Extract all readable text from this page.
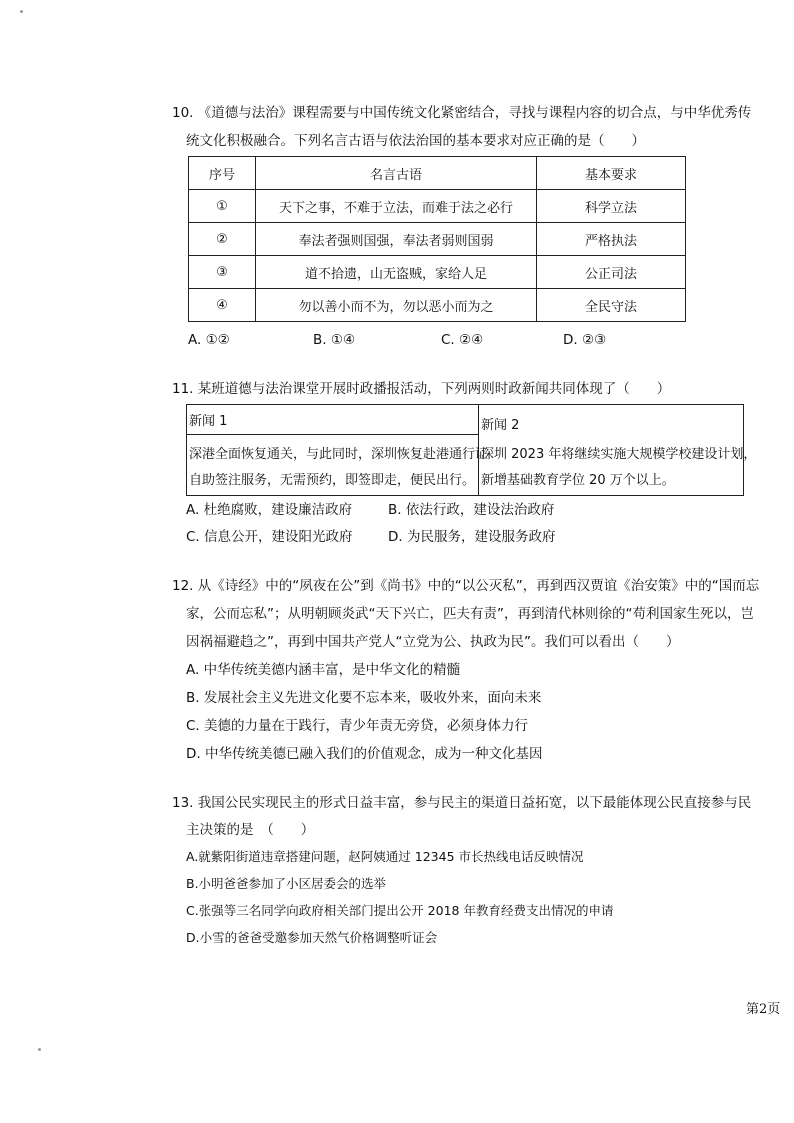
10. 《道德与法治》课程需要与中国传统文化紧密结合，寻找与课程内容的切合点，与中华优秀传
统文化积极融合。下列名言古语与依法治国的基本要求对应正确的是（　　）
序号	名言古语	基本要求
①	天下之事，不难于立法，而难于法之必行	科学立法
②	奉法者强则国强，奉法者弱则国弱	严格执法
③	道不拾遗，山无盗贼，家给人足	公正司法
④	勿以善小而不为，勿以恶小而为之	全民守法
A. ①②	B. ①④	C. ②④	D. ②③
11. 某班道德与法治课堂开展时政播报活动，下列两则时政新闻共同体现了（　　）
新闻 1
深港全面恢复通关，与此同时，深圳恢复赴港通行证
自助签注服务，无需预约，即签即走，便民出行。
新闻 2
深圳 2023 年将继续实施大规模学校建设计划，
新增基础教育学位 20 万个以上。
A. 杜绝腐败，建设廉洁政府	B. 依法行政，建设法治政府
C. 信息公开，建设阳光政府	D. 为民服务，建设服务政府
12. 从《诗经》中的“夙夜在公”到《尚书》中的“以公灭私”，再到西汉贾谊《治安策》中的“国而忘
家，公而忘私”；从明朝顾炎武“天下兴亡，匹夫有责”，再到清代林则徐的“苟利国家生死以，岂
因祸福避趋之”，再到中国共产党人“立党为公、执政为民”。我们可以看出（　　）
A. 中华传统美德内涵丰富，是中华文化的精髓
B. 发展社会主义先进文化要不忘本来，吸收外来，面向未来
C. 美德的力量在于践行，青少年责无旁贷，必须身体力行
D. 中华传统美德已融入我们的价值观念，成为一种文化基因
13. 我国公民实现民主的形式日益丰富，参与民主的渠道日益拓宽，以下最能体现公民直接参与民
主决策的是　（　　）
A.就紫阳街道违章搭建问题，赵阿姨通过 12345 市长热线电话反映情况
B.小明爸爸参加了小区居委会的选举
C.张强等三名同学向政府相关部门提出公开 2018 年教育经费支出情况的申请
D.小雪的爸爸受邀参加天然气价格调整听证会
第2页
